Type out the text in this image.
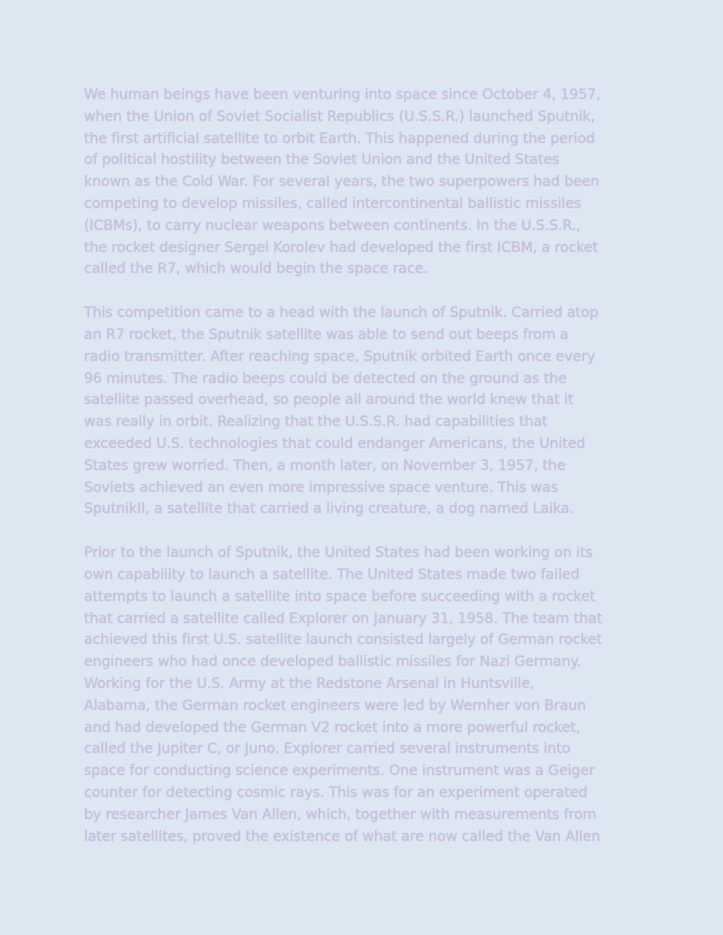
We human beings have been venturing into space since October 4, 1957,
when the Union of Soviet Socialist Republics (U.S.S.R.) launched Sputnik,
the first artificial satellite to orbit Earth. This happened during the period
of political hostility between the Soviet Union and the United States
known as the Cold War. For several years, the two superpowers had been
competing to develop missiles, called intercontinental ballistic missiles
(ICBMs), to carry nuclear weapons between continents. In the U.S.S.R.,
the rocket designer Sergei Korolev had developed the first ICBM, a rocket
called the R7, which would begin the space race.

This competition came to a head with the launch of Sputnik. Carried atop
an R7 rocket, the Sputnik satellite was able to send out beeps from a
radio transmitter. After reaching space, Sputnik orbited Earth once every
96 minutes. The radio beeps could be detected on the ground as the
satellite passed overhead, so people all around the world knew that it
was really in orbit. Realizing that the U.S.S.R. had capabilities that
exceeded U.S. technologies that could endanger Americans, the United
States grew worried. Then, a month later, on November 3, 1957, the
Soviets achieved an even more impressive space venture. This was
SputnikII, a satellite that carried a living creature, a dog named Laika.

Prior to the launch of Sputnik, the United States had been working on its
own capability to launch a satellite. The United States made two failed
attempts to launch a satellite into space before succeeding with a rocket
that carried a satellite called Explorer on January 31, 1958. The team that
achieved this first U.S. satellite launch consisted largely of German rocket
engineers who had once developed ballistic missiles for Nazi Germany.
Working for the U.S. Army at the Redstone Arsenal in Huntsville,
Alabama, the German rocket engineers were led by Wernher von Braun
and had developed the German V2 rocket into a more powerful rocket,
called the Jupiter C, or Juno. Explorer carried several instruments into
space for conducting science experiments. One instrument was a Geiger
counter for detecting cosmic rays. This was for an experiment operated
by researcher James Van Allen, which, together with measurements from
later satellites, proved the existence of what are now called the Van Allen
